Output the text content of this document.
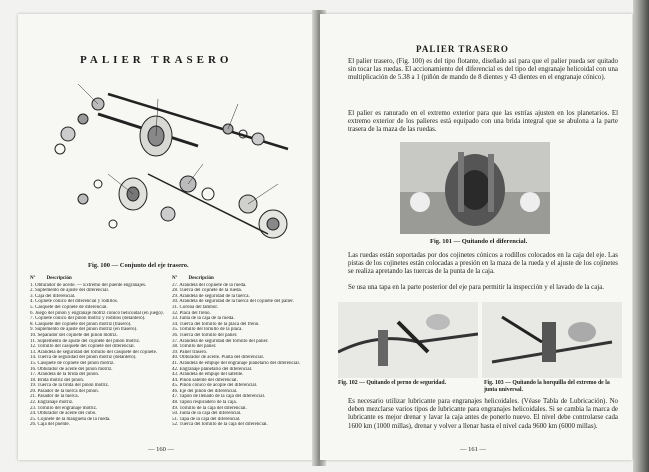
PALIER TRASERO
Fig. 100 — Conjunto del eje trasero.
Nº Descripción
1. Obturador de aceite. — Extremo del puente engranajes.
2. Suplemento de ajuste del diferencial.
3. Caja del diferencial.
4. Cojinete cónico del diferencial y rodillos.
5. Casquete del cojinete de diferencial.
6. Juego del piñón y engranaje motriz cónico helicoidal (en juego).
7. Cojinete cónico del piñón motriz y rodillos (delantero).
8. Casquete del cojinete del piñón motriz (trasero).
9. Suplemento de ajuste del piñón motriz (en trasero).
10. Separador del cojinete del piñón motriz.
11. Suplemento de ajuste del cojinete del piñón motriz.
12. Tornillo del casquete del cojinete del diferencial.
13. Arandela de seguridad del tornillo del casquete del cojinete.
14. Tuerca de seguridad del piñón motriz (delantero).
15. Casquete de cojinete del piñón motriz.
16. Obturador de aceite del piñón motriz.
17. Arandela de la brida del piñón.
18. Brida motriz del piñón.
19. Tuerca de la brida del piñón motriz.
20. Pasador de la tuerca del piñón.
21. Pasador de la tuerca.
22. Engranaje motriz.
23. Tornillo del engranaje motriz.
24. Obturador de aceite del cubo.
25. Cojinete de la mangueta de la rueda.
26. Caja del puente.
Nº Descripción
27. Arandela del cojinete de la rueda.
28. Tuerca del cojinete de la rueda.
29. Arandela de seguridad de la tuerca.
30. Arandela de seguridad de la tuerca del cojinete del palier.
31. Corona del tambor.
32. Placa del freno.
33. Junta de la caja de la rueda.
34. Tuerca del tornillo de la placa del freno.
35. Tornillo del tornillo de la placa.
36. Tuerca del tornillo del palier.
37. Arandela de seguridad del tornillo del palier.
38. Tornillo del palier.
39. Palier trasero.
40. Obturador de aceite. Punta del diferencial.
41. Arandela de empuje del engranaje planetario del diferencial.
42. Engranaje planetario del diferencial.
43. Arandela de empuje del satélite.
44. Piñón satélite del diferencial.
45. Piñón cónico de acople del diferencial.
46. Eje del piñón del diferencial.
47. Tapón de llenado de la caja del diferencial.
48. Tapón respiradero de la caja.
49. Tornillo de la caja del diferencial.
50. Junta de la caja del diferencial.
51. Tapa de la caja del diferencial.
52. Tuerca del tornillo de la caja del diferencial.
— 160 —
PALIER TRASERO
El palier trasero, (Fig. 100) es del tipo flotante, diseñado así para que el palier pueda ser quitado sin tocar las ruedas. El accionamiento del diferencial es del tipo del engranaje helicoidal con una multiplicación de 5.38 a 1 (piñón de mando de 8 dientes y 43 dientes en el engranaje cónico).
El palier es ranurado en el extremo exterior para que las estrías ajusten en los planetarios. El extremo exterior de los palieres está equipado con una brida integral que se abulona a la parte trasera de la maza de las ruedas.
Fig. 101 — Quitando el diferencial.
Las ruedas están soportadas por dos cojinetes cónicos a rodillos colocados en la caja del eje. Las pistas de los cojinetes están colocadas a presión en la maza de la rueda y el ajuste de los cojinetes se realiza apretando las tuercas de la punta de la caja.
Se usa una tapa en la parte posterior del eje para permitir la inspección y el lavado de la caja.
Fig. 102 — Quitando el perno de seguridad.	Fig. 103 — Quitando la horquilla del extremo de la junta universal.
Es necesario utilizar lubricante para engranajes helicoidales. (Véase Tabla de Lubricación). No deben mezclarse varios tipos de lubricante para engranajes helicoidales. Si se cambia la marca de lubricante es mejor drenar y lavar la caja antes de ponerlo nuevo. El nivel debe controlarse cada 1600 km (1000 millas), drenar y volver a llenar hasta el nivel cada 9600 km (6000 millas).
— 161 —
